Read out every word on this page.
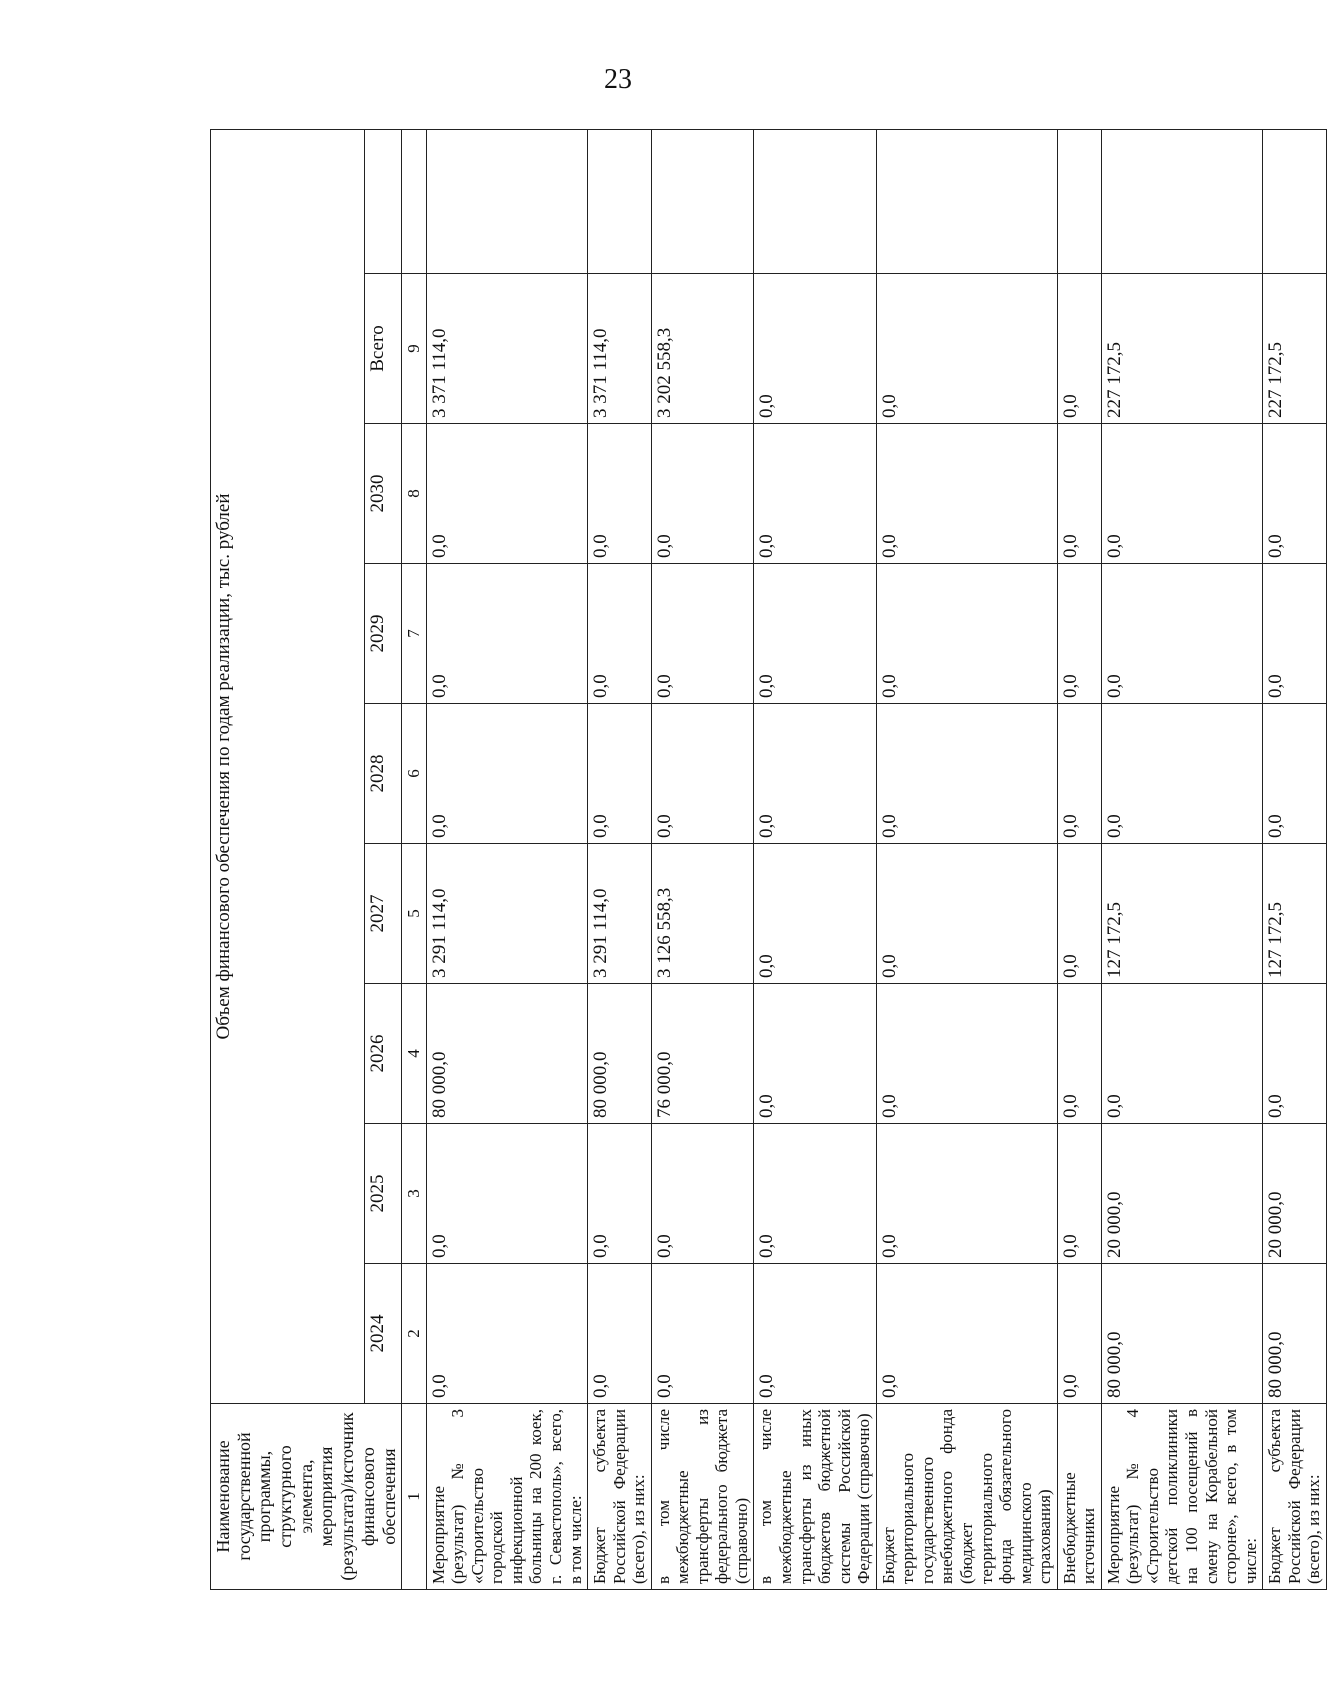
23
Наименование государственной программы, структурного элемента, мероприятия (результата)/источник финансового обеспечения	Объем финансового обеспечения по годам реализации, тыс. рублей								
	2024	2025	2026	2027	2028	2029	2030	Всего	
1	2	3	4	5	6	7	8	9	
Мероприятие (результат) № 3 «Строительство городской инфекционной больницы на 200 коек, г. Севастополь», всего, в том числе:	0,0	0,0	80 000,0	3 291 114,0	0,0	0,0	0,0	3 371 114,0	
Бюджет субъекта Российской Федерации (всего), из них:	0,0	0,0	80 000,0	3 291 114,0	0,0	0,0	0,0	3 371 114,0	
в том числе межбюджетные трансферты из федерального бюджета (справочно)	0,0	0,0	76 000,0	3 126 558,3	0,0	0,0	0,0	3 202 558,3	
в том числе межбюджетные трансферты из иных бюджетов бюджетной системы Российской Федерации (справочно)	0,0	0,0	0,0	0,0	0,0	0,0	0,0	0,0	
Бюджет территориального государственного внебюджетного фонда (бюджет территориального фонда обязательного медицинского страхования)	0,0	0,0	0,0	0,0	0,0	0,0	0,0	0,0	
Внебюджетные источники	0,0	0,0	0,0	0,0	0,0	0,0	0,0	0,0	
Мероприятие (результат) № 4 «Строительство детской поликлиники на 100 посещений в смену на Корабельной стороне», всего, в том числе:	80 000,0	20 000,0	0,0	127 172,5	0,0	0,0	0,0	227 172,5	
Бюджет субъекта Российской Федерации (всего), из них:	80 000,0	20 000,0	0,0	127 172,5	0,0	0,0	0,0	227 172,5	
